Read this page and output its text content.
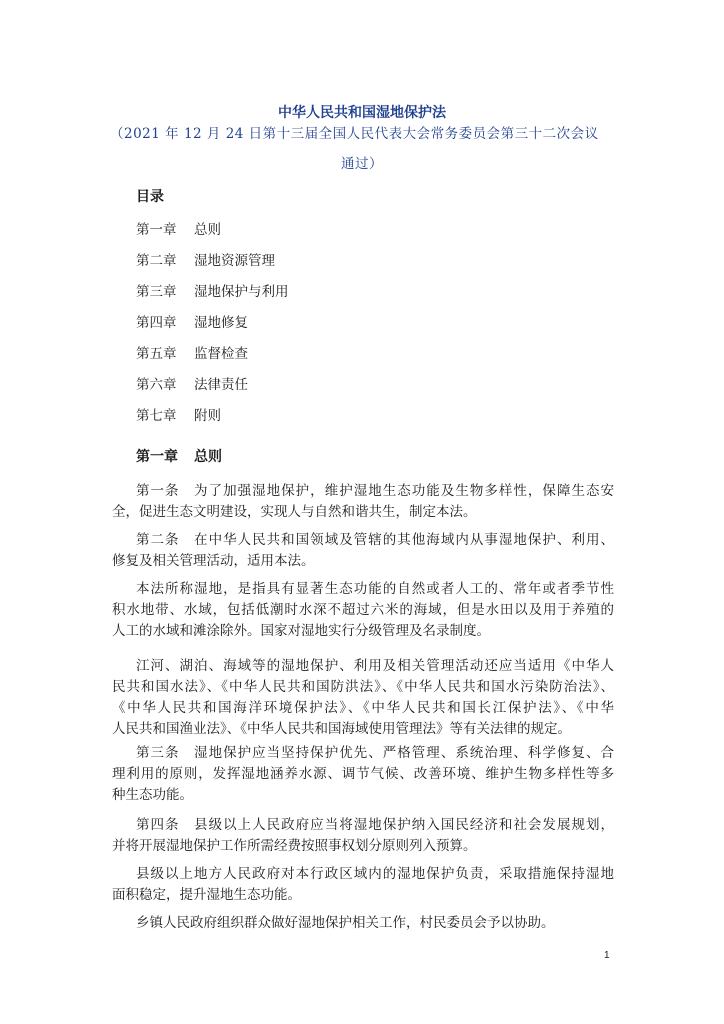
中华人民共和国湿地保护法
（2021 年 12 月 24 日第十三届全国人民代表大会常务委员会第三十二次会议
通过）
目录
第一章 总则
第二章 湿地资源管理
第三章 湿地保护与利用
第四章 湿地修复
第五章 监督检查
第六章 法律责任
第七章 附则
第一章 总则
第一条　为了加强湿地保护，维护湿地生态功能及生物多样性，保障生态安
全，促进生态文明建设，实现人与自然和谐共生，制定本法。
第二条　在中华人民共和国领域及管辖的其他海域内从事湿地保护、利用、
修复及相关管理活动，适用本法。
本法所称湿地，是指具有显著生态功能的自然或者人工的、常年或者季节性
积水地带、水域，包括低潮时水深不超过六米的海域，但是水田以及用于养殖的
人工的水域和滩涂除外。国家对湿地实行分级管理及名录制度。
江河、湖泊、海域等的湿地保护、利用及相关管理活动还应当适用《中华人
民共和国水法》、《中华人民共和国防洪法》、《中华人民共和国水污染防治法》、
《中华人民共和国海洋环境保护法》、《中华人民共和国长江保护法》、《中华
人民共和国渔业法》、《中华人民共和国海域使用管理法》等有关法律的规定。
第三条　湿地保护应当坚持保护优先、严格管理、系统治理、科学修复、合
理利用的原则，发挥湿地涵养水源、调节气候、改善环境、维护生物多样性等多
种生态功能。
第四条　县级以上人民政府应当将湿地保护纳入国民经济和社会发展规划，
并将开展湿地保护工作所需经费按照事权划分原则列入预算。
县级以上地方人民政府对本行政区域内的湿地保护负责，采取措施保持湿地
面积稳定，提升湿地生态功能。
乡镇人民政府组织群众做好湿地保护相关工作，村民委员会予以协助。
1
